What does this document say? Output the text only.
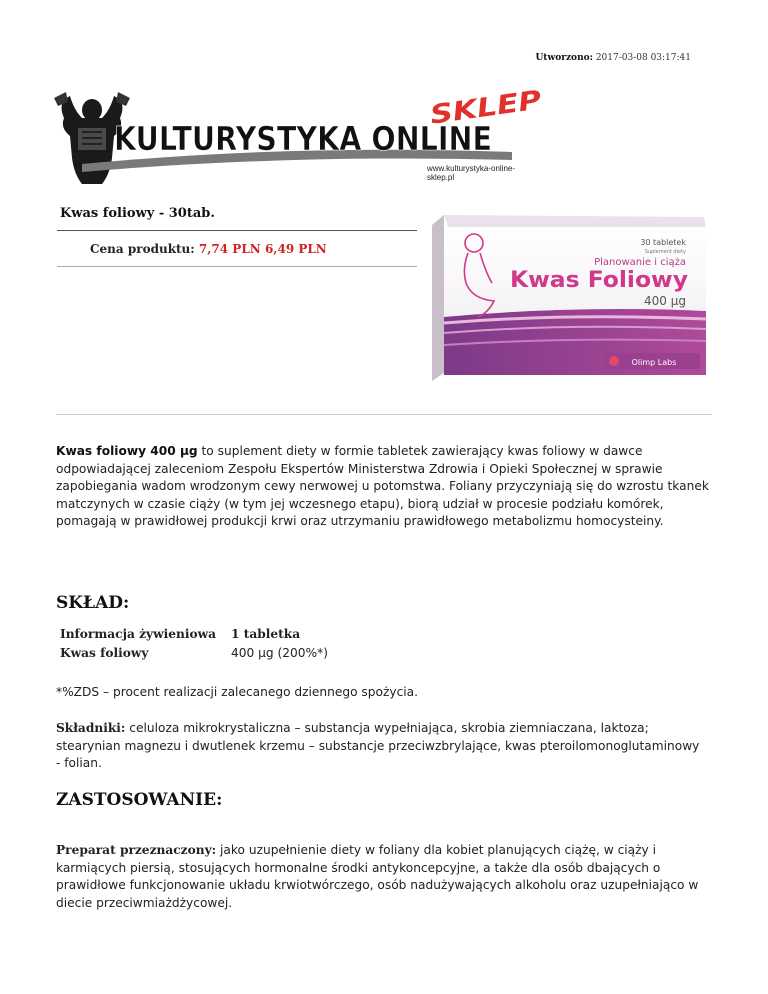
Utworzono: 2017-03-08 03:17:41
KULTURYSTYKA ONLINE
SKLEP
www.kulturystyka-online-sklep.pl
Kwas foliowy - 30tab.
Cena produktu: 7,74 PLN 6,49 PLN	30 tabletek
Suplement diety
Planowanie i ciąża
Kwas Foliowy
400 µg
Dawka odpowiadająca zaleceniom Zespołu Ekspertów*
Olimp Labs

Kwas foliowy 400 µg to suplement diety w formie tabletek zawierający kwas foliowy w dawce odpowiadającej zaleceniom Zespołu Ekspertów Ministerstwa Zdrowia i Opieki Społecznej w sprawie zapobiegania wadom wrodzonym cewy nerwowej u potomstwa. Foliany przyczyniają się do wzrostu tkanek matczynych w czasie ciąży (w tym jej wczesnego etapu), biorą udział w procesie podziału komórek, pomagają w prawidłowej produkcji krwi oraz utrzymaniu prawidłowego metabolizmu homocysteiny.

SKŁAD:
Informacja żywieniowa	1 tabletka
Kwas foliowy	400 µg (200%*)
*%ZDS – procent realizacji zalecanego dziennego spożycia.

Składniki: celuloza mikrokrystaliczna – substancja wypełniająca, skrobia ziemniaczana, laktoza; stearynian magnezu i dwutlenek krzemu – substancje przeciwzbrylające, kwas pteroilomonoglutaminowy - folian.

ZASTOSOWANIE:

Preparat przeznaczony: jako uzupełnienie diety w foliany dla kobiet planujących ciążę, w ciąży i karmiących piersią, stosujących hormonalne środki antykoncepcyjne, a także dla osób dbających o prawidłowe funkcjonowanie układu krwiotwórczego, osób nadużywających alkoholu oraz uzupełniająco w diecie przeciwmiażdżycowej.
